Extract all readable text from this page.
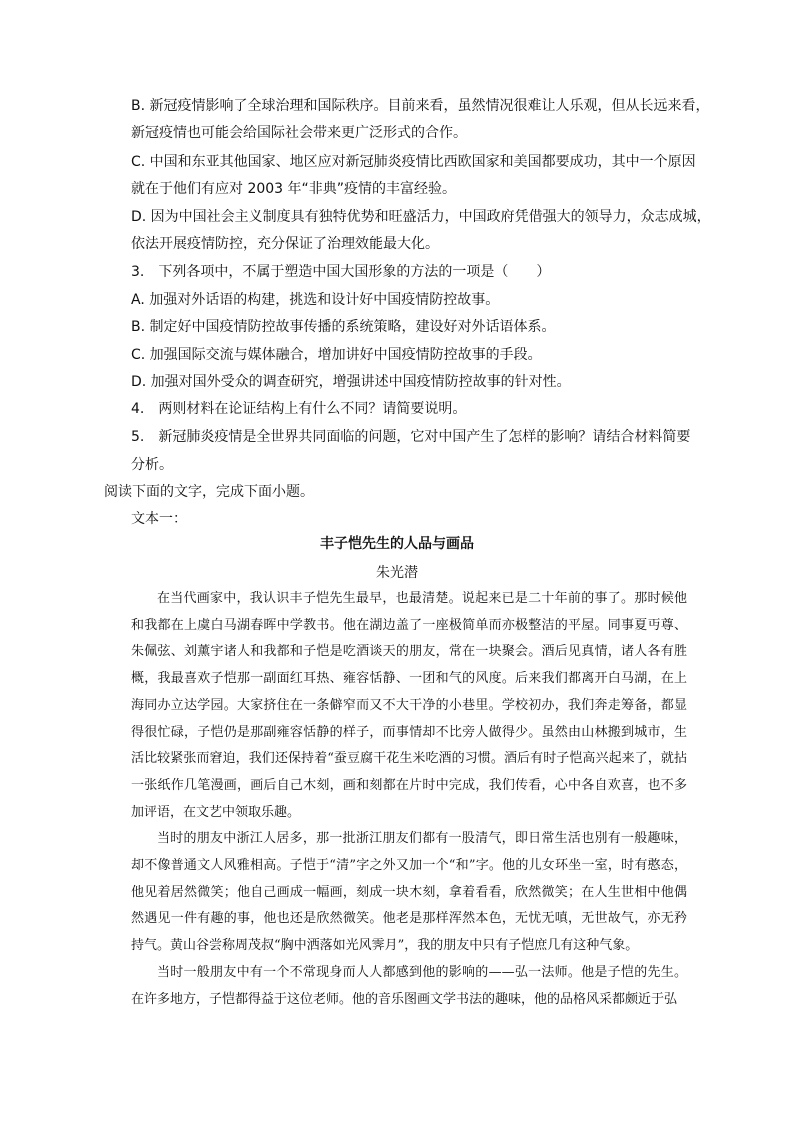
B. 新冠疫情影响了全球治理和国际秩序。目前来看，虽然情况很难让人乐观，但从长远来看，
新冠疫情也可能会给国际社会带来更广泛形式的合作。
C. 中国和东亚其他国家、地区应对新冠肺炎疫情比西欧国家和美国都要成功，其中一个原因
就在于他们有应对 2003 年“非典”疫情的丰富经验。
D. 因为中国社会主义制度具有独特优势和旺盛活力，中国政府凭借强大的领导力，众志成城，
依法开展疫情防控，充分保证了治理效能最大化。
3.　下列各项中，不属于塑造中国大国形象的方法的一项是（　　）
A. 加强对外话语的构建，挑选和设计好中国疫情防控故事。
B. 制定好中国疫情防控故事传播的系统策略，建设好对外话语体系。
C. 加强国际交流与媒体融合，增加讲好中国疫情防控故事的手段。
D. 加强对国外受众的调查研究，增强讲述中国疫情防控故事的针对性。
4.　两则材料在论证结构上有什么不同？请简要说明。
5.　新冠肺炎疫情是全世界共同面临的问题，它对中国产生了怎样的影响？请结合材料简要
分析。
阅读下面的文字，完成下面小题。
文本一：
丰子恺先生的人品与画品
朱光潜

在当代画家中，我认识丰子恺先生最早，也最清楚。说起来已是二十年前的事了。那时候他和我都在上虞白马湖春晖中学教书。他在湖边盖了一座极简单而亦极整洁的平屋。同事夏丏尊、朱佩弦、刘薰宇诸人和我都和子恺是吃酒谈天的朋友，常在一块聚会。酒后见真情，诸人各有胜概，我最喜欢子恺那一副面红耳热、雍容恬静、一团和气的风度。后来我们都离开白马湖，在上海同办立达学园。大家挤住在一条僻窄而又不大干净的小巷里。学校初办，我们奔走筹备，都显得很忙碌，子恺仍是那副雍容恬静的样子，而事情却不比旁人做得少。虽然由山林搬到城市，生活比较紧张而窘迫，我们还保持着“蚕豆腐干花生米吃酒的习惯。酒后有时子恺高兴起来了，就拈一张纸作几笔漫画，画后自己木刻，画和刻都在片时中完成，我们传看，心中各自欢喜，也不多加评语，在文艺中领取乐趣。

当时的朋友中浙江人居多，那一批浙江朋友们都有一股清气，即日常生活也別有一般趣味，却不像普通文人风雅相高。子恺于“清”字之外又加一个“和”字。他的儿女环坐一室，时有憨态，他见着居然微笑；他自己画成一幅画，刻成一块木刻，拿着看看，欣然微笑；在人生世相中他偶然遇见一件有趣的事，他也还是欣然微笑。他老是那样浑然本色，无忧无嗔，无世故气，亦无矜持气。黄山谷尝称周茂叔“胸中洒落如光风霁月”，我的朋友中只有子恺庶几有这种气象。

当时一般朋友中有一个不常现身而人人都感到他的影响的——弘一法师。他是子恺的先生。在许多地方，子恺都得益于这位老师。他的音乐图画文学书法的趣味，他的品格风采都颇近于弘
